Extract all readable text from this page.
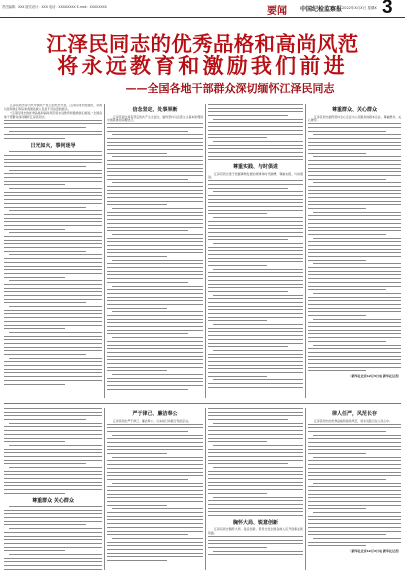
责任编辑：XXX 版式设计：XXX 电话：XXXXXXXX E-mail：XXXXXXXX	要闻 中国纪检监察报 2022年X月X日 星期X 3
江泽民同志的优秀品格和高尚风范
将永远教育和激励我们前进
——全国各地干部群众深切缅怀江泽民同志

江泽民同志是当代中国共产党人的杰出代表，江泽民同志的逝世，对我们党和我们军队和我国各族人民是不可估量的损失。

“江泽民同志的优秀品格和高尚风范将永远教育和激励我们前进。”全国各地干部群众深切缅怀江泽民同志。

日光如火，事何迷导
信念坚定、处事果断

江泽民同志具有坚定的共产主义信念，始终坚持马克思主义基本原理同中国具体实际相结合。

尊重实践、与时俱进

江泽民同志善于把握事物发展的规律和时代脉搏，尊重实践、与时俱进。

尊重群众、关心群众

江泽民同志始终坚持全心全意为人民服务的根本宗旨，尊重群众、关心群众。

（新华社北京12月3日电 新华社记者）
尊重群众 关心群众
严于律己、廉洁奉公

江泽民同志严于律己、廉洁奉公，以实际行动践行党的宗旨。

胸怀大局、锐意创新

江泽民同志胸怀大局、锐意创新，领导全党全国各族人民开创事业新局面。

律人任严，风范长存

江泽民同志的优秀品格和高尚风范，将永远铭记在人民心中。

（新华社北京12月3日电 新华社记者）
